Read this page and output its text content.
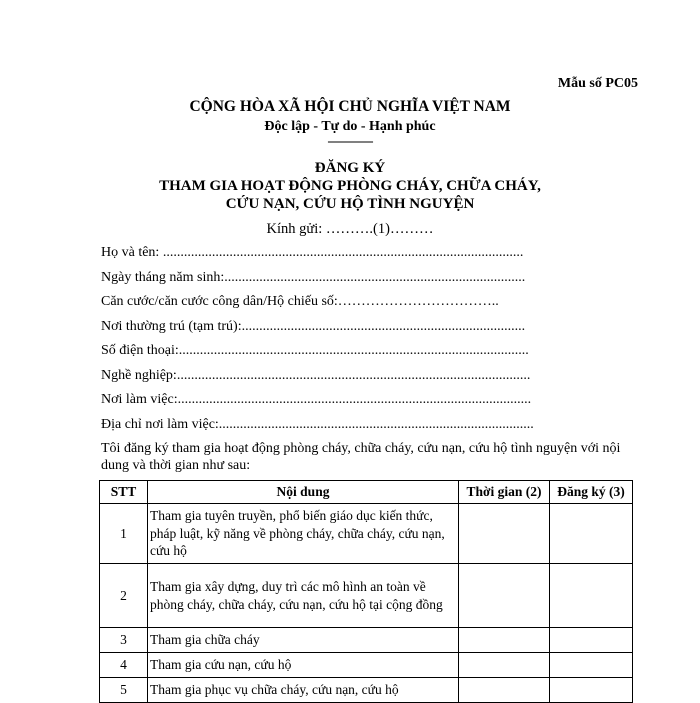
Mẫu số PC05
CỘNG HÒA XÃ HỘI CHỦ NGHĨA VIỆT NAM
Độc lập - Tự do - Hạnh phúc
---------------
ĐĂNG KÝ
THAM GIA HOẠT ĐỘNG PHÒNG CHÁY, CHỮA CHÁY,
CỨU NẠN, CỨU HỘ TÌNH NGUYỆN
Kính gửi: ……….(1)………
Họ và tên: .......................................................................................................
Ngày tháng năm sinh:......................................................................................
Căn cước/căn cước công dân/Hộ chiếu số:……………………………..
Nơi thường trú (tạm trú):.................................................................................
Số điện thoại:....................................................................................................
Nghề nghiệp:.....................................................................................................
Nơi làm việc:.....................................................................................................
Địa chỉ nơi làm việc:..........................................................................................
Tôi đăng ký tham gia hoạt động phòng cháy, chữa cháy, cứu nạn, cứu hộ tình nguyện với nội dung và thời gian như sau:
STT	Nội dung	Thời gian (2)	Đăng ký (3)
1	Tham gia tuyên truyền, phổ biến giáo dục kiến thức, pháp luật, kỹ năng về phòng cháy, chữa cháy, cứu nạn, cứu hộ		
2	Tham gia xây dựng, duy trì các mô hình an toàn về phòng cháy, chữa cháy, cứu nạn, cứu hộ tại cộng đồng		
3	Tham gia chữa cháy		
4	Tham gia cứu nạn, cứu hộ		
5	Tham gia phục vụ chữa cháy, cứu nạn, cứu hộ		
